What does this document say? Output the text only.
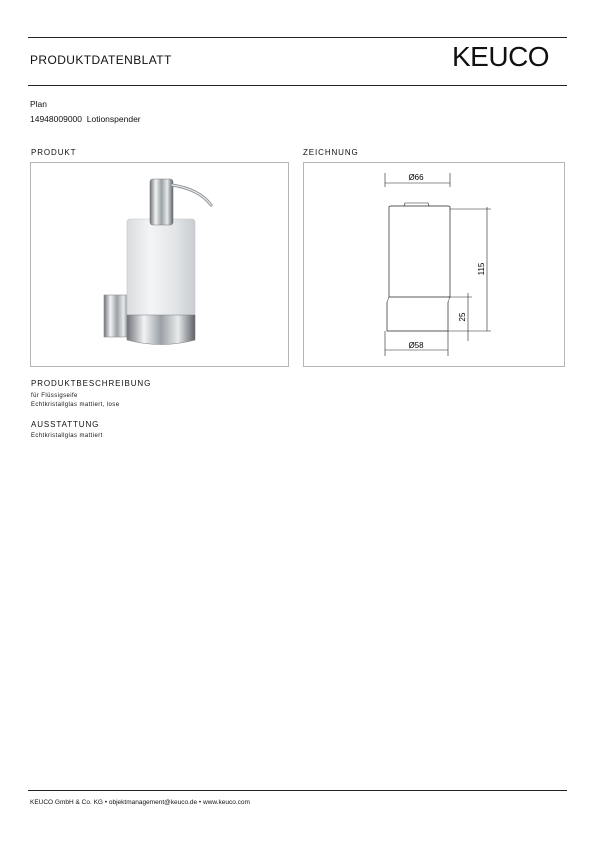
PRODUKTDATENBLATT	KEUCO
Plan
14948009000 Lotionspender
PRODUKT	ZEICHNUNG
Ø66
Ø58
115
25
PRODUKTBESCHREIBUNG
für Flüssigseife
Echtkristallglas mattiert, lose
AUSSTATTUNG
Echtkristallglas mattiert
KEUCO GmbH & Co. KG • objektmanagement@keuco.de • www.keuco.com
